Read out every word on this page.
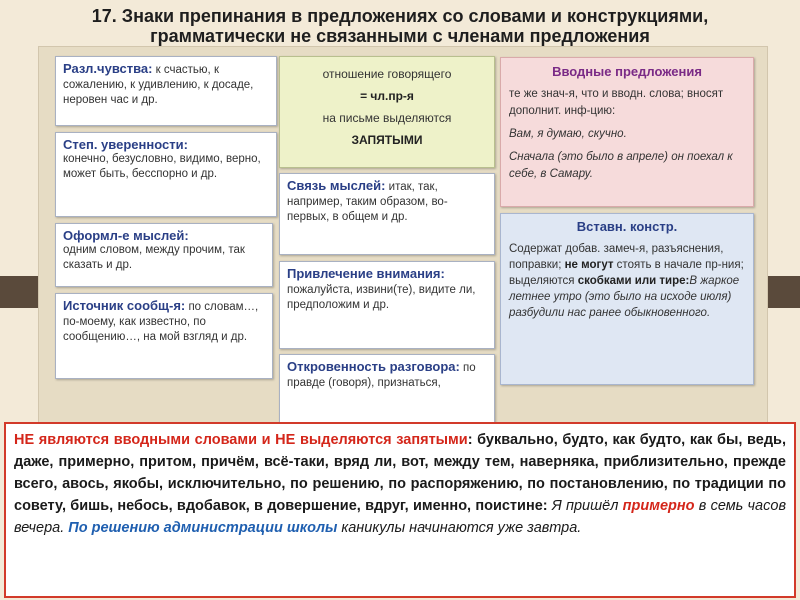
17. Знаки препинания в предложениях со словами и конструкциями,
грамматически не связанными с членами предложения
Разл.чувства: к счастью, к сожалению, к удивлению, к досаде, неровен час и др.
Степ. уверенности:
конечно, безусловно, видимо, верно, может быть, бесспорно и др.
Оформл-е мыслей:
одним словом, между прочим, так сказать и др.
Источник сообщ-я: по словам…, по-моему, как известно, по сообщению…, на мой взгляд и др.
отношение говорящего
= чл.пр-я
на письме выделяются
ЗАПЯТЫМИ
Связь мыслей: итак, так, например, таким образом, во-первых, в общем и др.
Привлечение внимания: пожалуйста, извини(те), видите ли, предположим и др.
Откровенность разговора: по правде (говоря), признаться,
Вводные предложения

те же знач-я, что и вводн. слова; вносят дополнит. инф-цию:

Вам, я думаю, скучно.

Сначала (это было в апреле) он поехал к себе, в Самару.

Вставн. констр.
Содержат добав. замеч-я, разъяснения, поправки; не могут стоять в начале пр-ния; выделяются скобками или тире:В жаркое летнее утро (это было на исходе июля) разбудили нас ранее обыкновенного.
НЕ являются вводными словами и НЕ выделяются запятыми: буквально, будто, как будто, как бы, ведь, даже, примерно, притом, причём, всё-таки, вряд ли, вот, между тем, наверняка, приблизительно, прежде всего, авось, якобы, исключительно, по решению, по распоряжению, по постановлению, по традиции по совету, бишь, небось, вдобавок, в довершение, вдруг, именно, поистине: Я пришёл примерно в семь часов вечера. По решению администрации школы каникулы начинаются уже завтра.
